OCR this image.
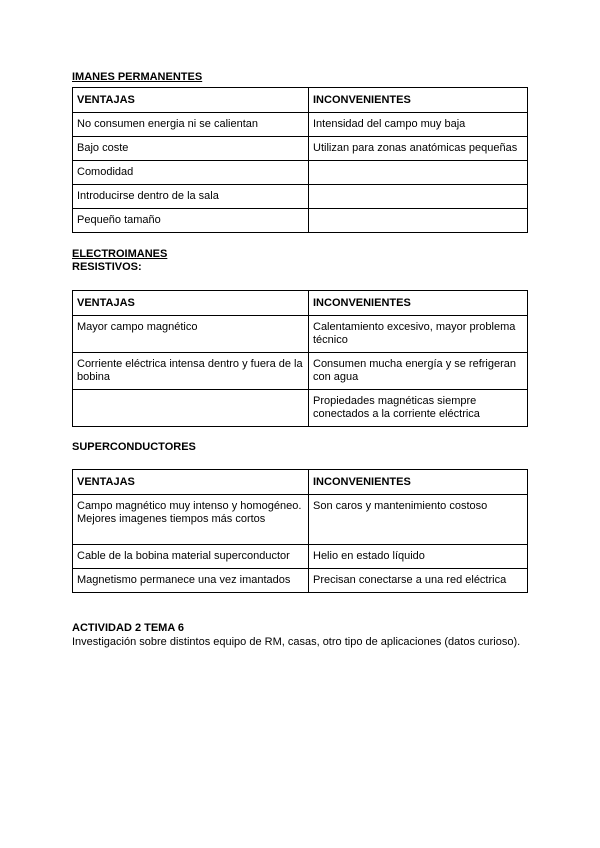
IMANES PERMANENTES
VENTAJAS	INCONVENIENTES
No consumen energia ni se calientan	Intensidad del campo muy baja
Bajo coste	Utilizan para zonas anatómicas pequeñas
Comodidad	
Introducirse dentro de la sala	
Pequeño tamaño	
ELECTROIMANES
RESISTIVOS:
VENTAJAS	INCONVENIENTES
Mayor campo magnético	Calentamiento excesivo, mayor problema técnico
Corriente eléctrica intensa dentro y fuera de la bobina	Consumen mucha energía y se refrigeran con agua
	Propiedades magnéticas siempre conectados a la corriente eléctrica
SUPERCONDUCTORES
VENTAJAS	INCONVENIENTES
Campo magnético muy intenso y homogéneo. Mejores imagenes tiempos más cortos	Son caros y mantenimiento costoso
Cable de la bobina material superconductor	Helio en estado líquido
Magnetismo permanece una vez imantados	Precisan conectarse a una red eléctrica
ACTIVIDAD 2 TEMA 6
Investigación sobre distintos equipo de RM, casas, otro tipo de aplicaciones (datos curioso).
